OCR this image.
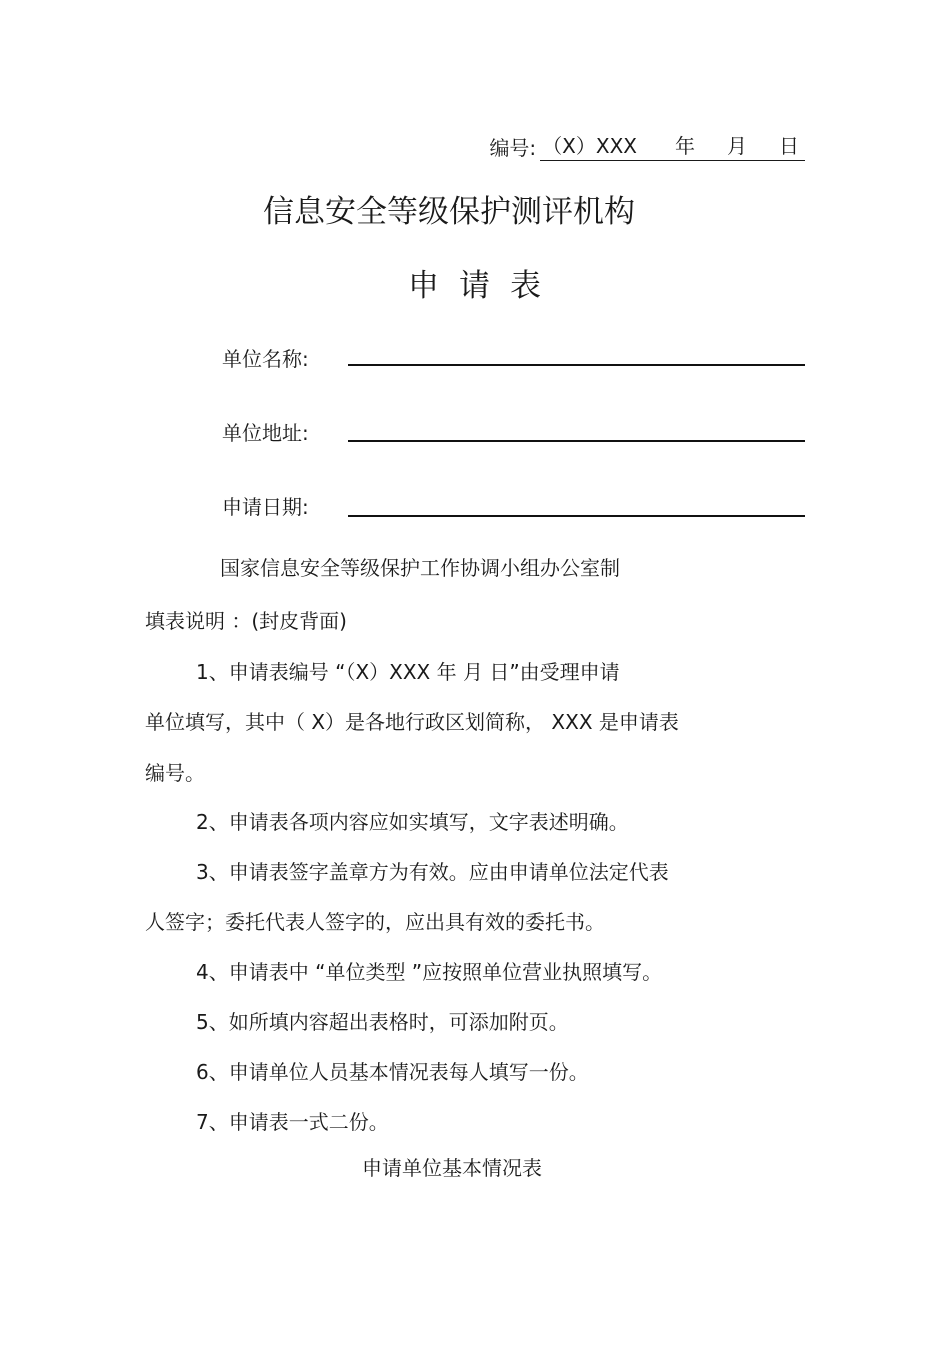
编号: （X）XXX 年 月 日
信息安全等级保护测评机构
申请表
单位名称:
单位地址:
申请日期:
国家信息安全等级保护工作协调小组办公室制
填表说明 ：(封皮背面)
1、申请表编号 “（X）XXX 年 月 日”由受理申请
单位填写，其中（ X）是各地行政区划简称， XXX 是申请表
编号。
2、申请表各项内容应如实填写，文字表述明确。
3、申请表签字盖章方为有效。应由申请单位法定代表
人签字；委托代表人签字的，应出具有效的委托书。
4、申请表中 “单位类型 ”应按照单位营业执照填写。
5、如所填内容超出表格时，可添加附页。
6、申请单位人员基本情况表每人填写一份。
7、申请表一式二份。
申请单位基本情况表
